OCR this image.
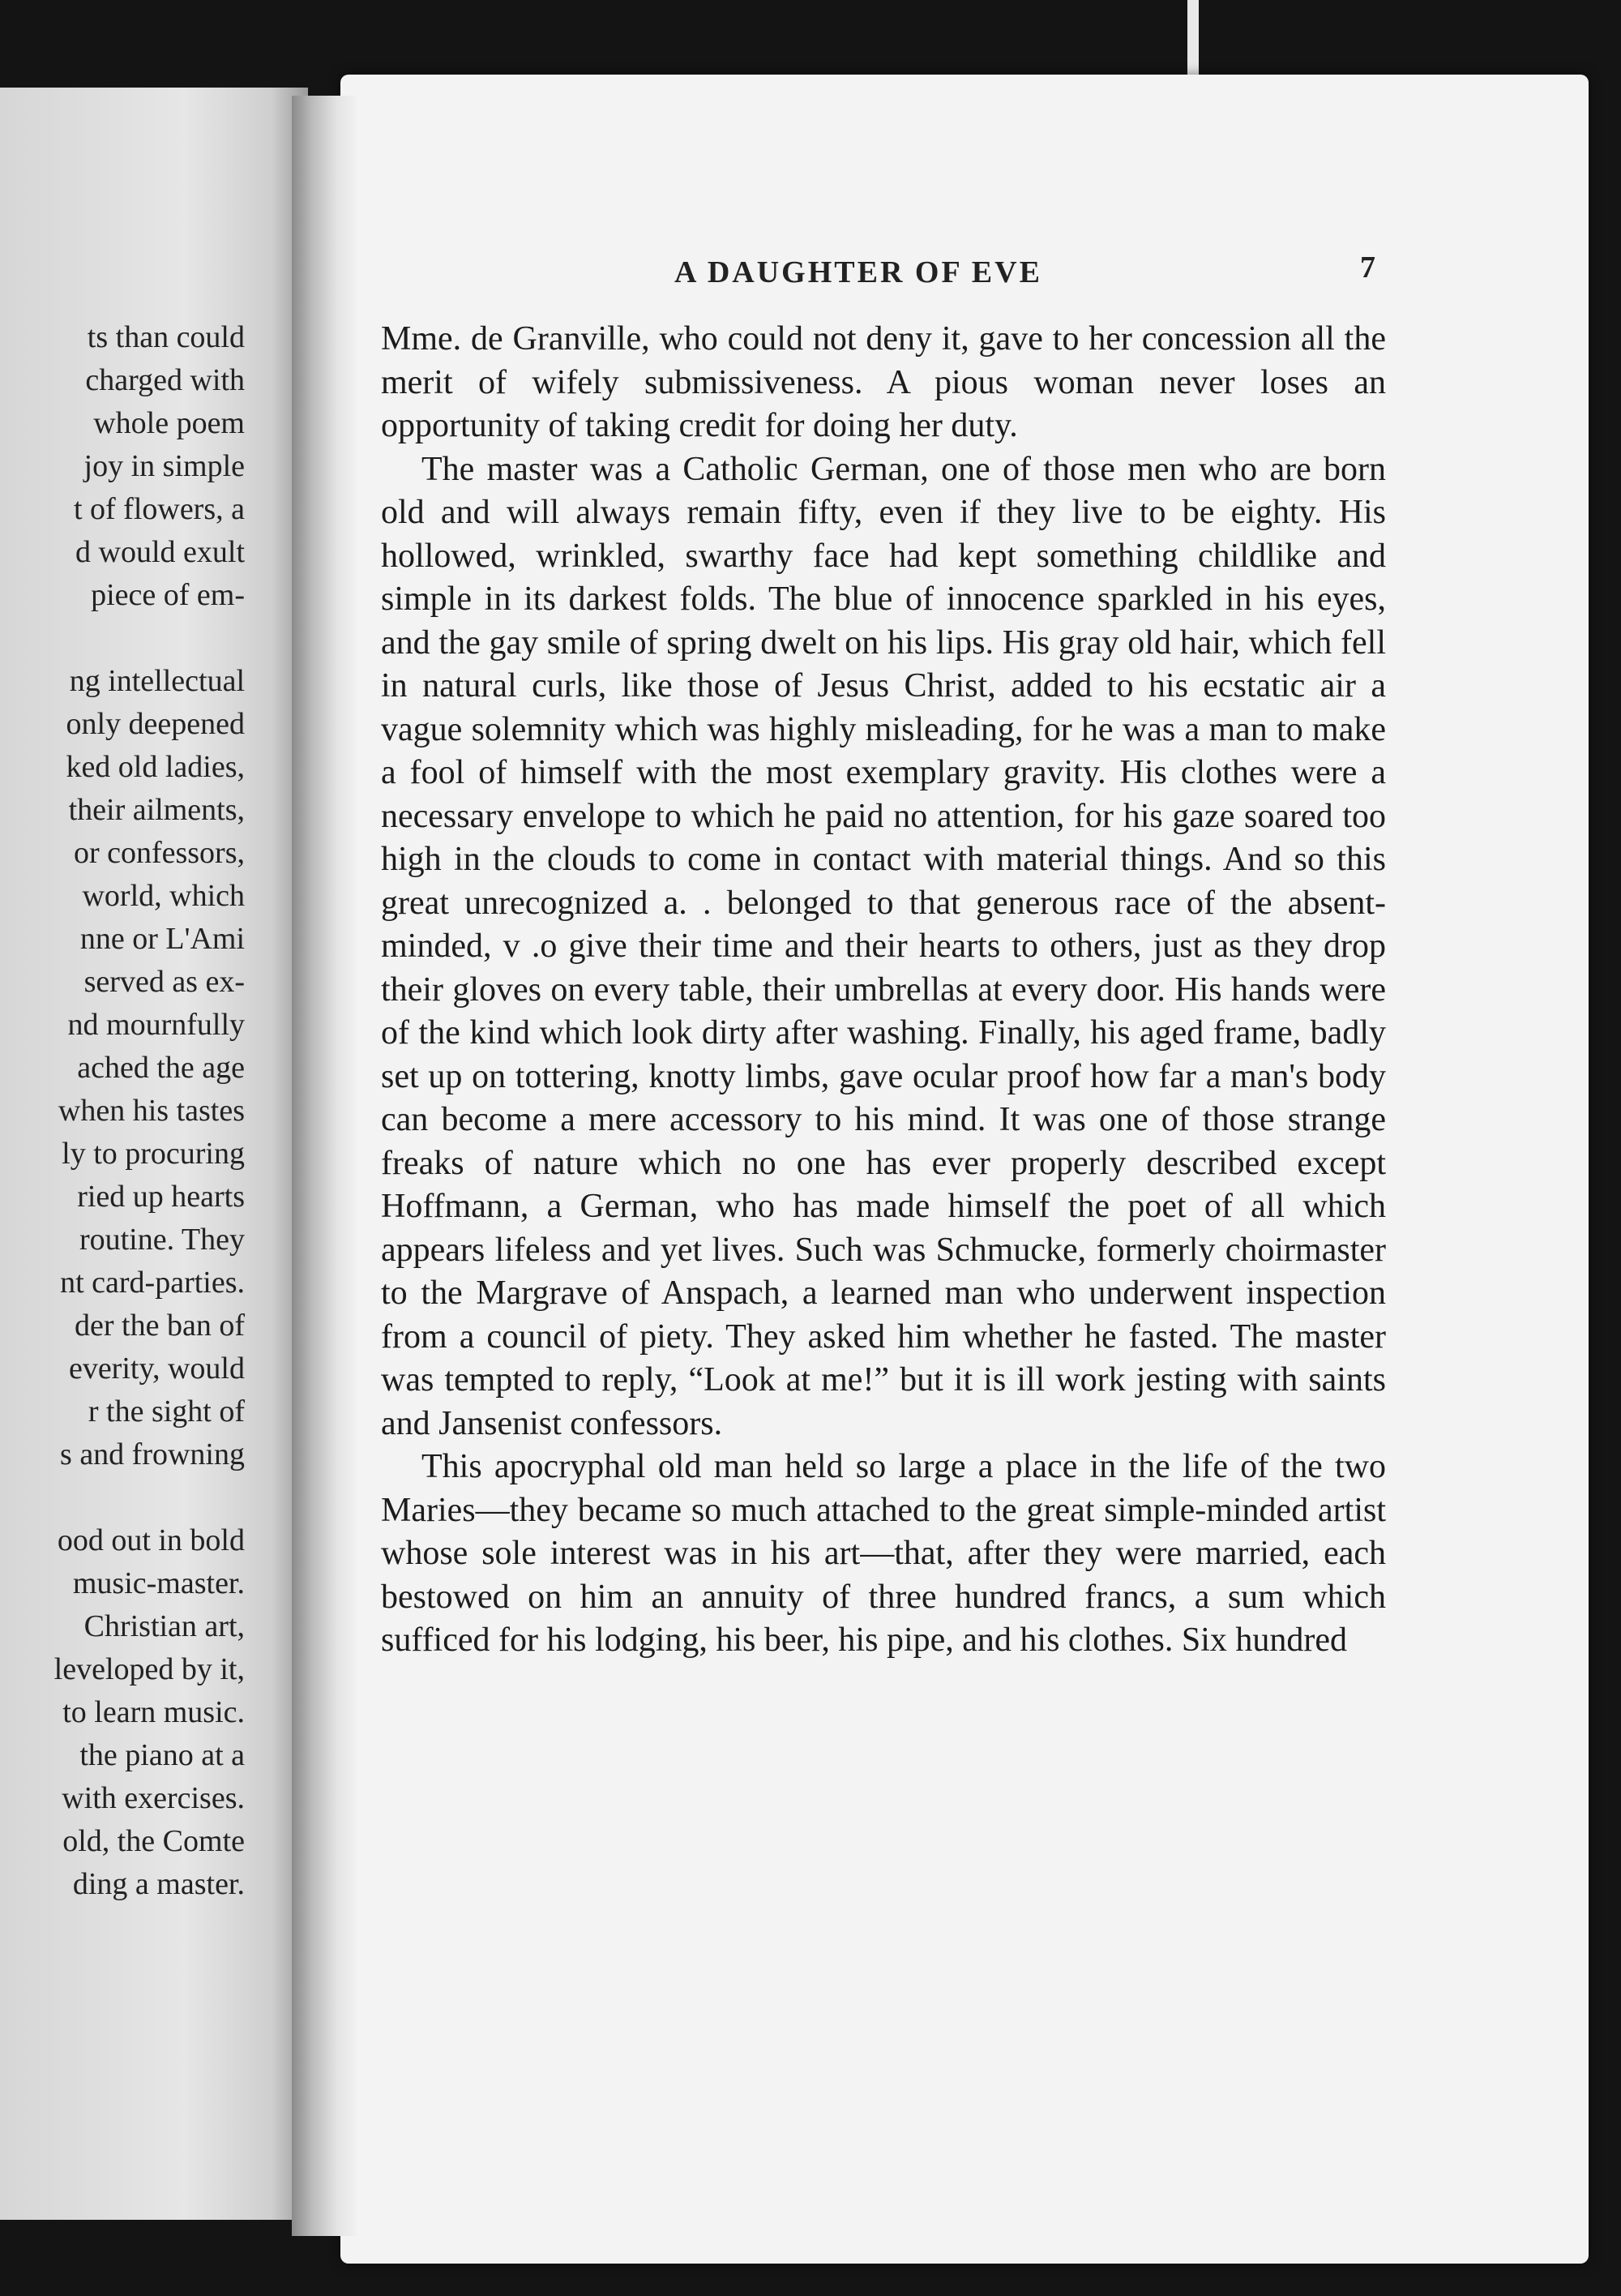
ts than could
charged with
whole poem
joy in simple
t of flowers, a
d would exult
piece of em-
ng intellectual
only deepened
ked old ladies,
their ailments,
or confessors,
world, which
nne or L'Ami
served as ex-
nd mournfully
ached the age
when his tastes
ly to procuring
ried up hearts
routine. They
nt card-parties.
der the ban of
everity, would
r the sight of
s and frowning
ood out in bold
music-master.
Christian art,
leveloped by it,
to learn music.
the piano at a
with exercises.
old, the Comte
ding a master.
A DAUGHTER OF EVE	7

Mme. de Granville, who could not deny it, gave to her concession all the merit of wifely submissiveness. A pious woman never loses an opportunity of taking credit for doing her duty.

The master was a Catholic German, one of those men who are born old and will always remain fifty, even if they live to be eighty. His hollowed, wrinkled, swarthy face had kept something childlike and simple in its darkest folds. The blue of innocence sparkled in his eyes, and the gay smile of spring dwelt on his lips. His gray old hair, which fell in natural curls, like those of Jesus Christ, added to his ecstatic air a vague solemnity which was highly misleading, for he was a man to make a fool of himself with the most exemplary gravity. His clothes were a necessary envelope to which he paid no attention, for his gaze soared too high in the clouds to come in contact with material things. And so this great unrecognized a. . belonged to that generous race of the absent-minded, v .o give their time and their hearts to others, just as they drop their gloves on every table, their umbrellas at every door. His hands were of the kind which look dirty after washing. Finally, his aged frame, badly set up on tottering, knotty limbs, gave ocular proof how far a man's body can become a mere accessory to his mind. It was one of those strange freaks of nature which no one has ever properly described except Hoffmann, a German, who has made himself the poet of all which appears lifeless and yet lives. Such was Schmucke, formerly choirmaster to the Margrave of Anspach, a learned man who underwent inspection from a council of piety. They asked him whether he fasted. The master was tempted to reply, “Look at me!” but it is ill work jesting with saints and Jansenist confessors.

This apocryphal old man held so large a place in the life of the two Maries—they became so much attached to the great simple-minded artist whose sole interest was in his art—that, after they were married, each bestowed on him an annuity of three hundred francs, a sum which sufficed for his lodging, his beer, his pipe, and his clothes. Six hundred
